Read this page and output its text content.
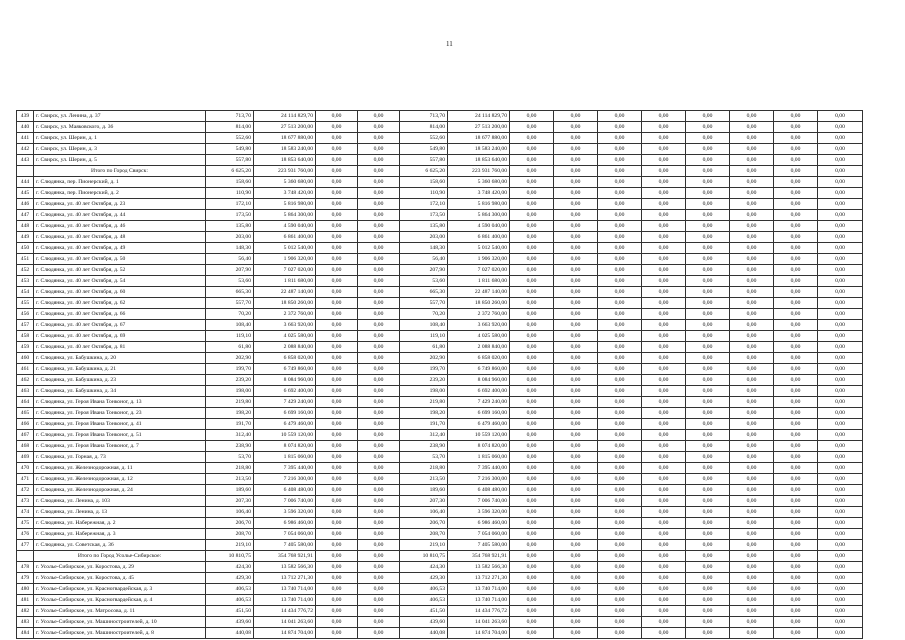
11
439	г. Свирск, ул. Ленина, д. 37	713,70	24 114 829,70	0,00	0,00	713,70	24 114 829,70	0,00	0,00	0,00	0,00	0,00	0,00	0,00	0,00
440	г. Свирск, ул. Маяковского, д. 36	814,00	27 513 200,00	0,00	0,00	814,00	27 513 200,00	0,00	0,00	0,00	0,00	0,00	0,00	0,00	0,00
441	г. Свирск, ул. Шерин, д. 1	552,60	18 677 880,00	0,00	0,00	552,60	18 677 880,00	0,00	0,00	0,00	0,00	0,00	0,00	0,00	0,00
442	г. Свирск, ул. Шерин, д. 3	549,80	18 583 240,00	0,00	0,00	549,80	18 583 240,00	0,00	0,00	0,00	0,00	0,00	0,00	0,00	0,00
443	г. Свирск, ул. Шерин, д. 5	557,80	18 853 640,00	0,00	0,00	557,80	18 853 640,00	0,00	0,00	0,00	0,00	0,00	0,00	0,00	0,00
	Итого по Город Свирск:	6 625,20	223 931 760,00	0,00	0,00	6 625,20	223 931 760,00	0,00	0,00	0,00	0,00	0,00	0,00	0,00	0,00
444	г. Слюдянка, пер. Пионерский, д. 1	158,60	5 360 680,00	0,00	0,00	158,60	5 360 680,00	0,00	0,00	0,00	0,00	0,00	0,00	0,00	0,00
445	г. Слюдянка, пер. Пионерский, д. 2	110,90	3 748 420,00	0,00	0,00	110,90	3 748 420,00	0,00	0,00	0,00	0,00	0,00	0,00	0,00	0,00
446	г. Слюдянка, ул. 40 лет Октября, д. 23	172,10	5 816 980,00	0,00	0,00	172,10	5 816 980,00	0,00	0,00	0,00	0,00	0,00	0,00	0,00	0,00
447	г. Слюдянка, ул. 40 лет Октября, д. 44	173,50	5 864 300,00	0,00	0,00	173,50	5 864 300,00	0,00	0,00	0,00	0,00	0,00	0,00	0,00	0,00
448	г. Слюдянка, ул. 40 лет Октября, д. 46	135,80	4 590 040,00	0,00	0,00	135,80	4 590 040,00	0,00	0,00	0,00	0,00	0,00	0,00	0,00	0,00
449	г. Слюдянка, ул. 40 лет Октября, д. 48	203,00	6 861 400,00	0,00	0,00	203,00	6 861 400,00	0,00	0,00	0,00	0,00	0,00	0,00	0,00	0,00
450	г. Слюдянка, ул. 40 лет Октября, д. 49	148,30	5 012 540,00	0,00	0,00	148,30	5 012 540,00	0,00	0,00	0,00	0,00	0,00	0,00	0,00	0,00
451	г. Слюдянка, ул. 40 лет Октября, д. 50	56,40	1 906 320,00	0,00	0,00	56,40	1 906 320,00	0,00	0,00	0,00	0,00	0,00	0,00	0,00	0,00
452	г. Слюдянка, ул. 40 лет Октября, д. 52	207,90	7 027 020,00	0,00	0,00	207,90	7 027 020,00	0,00	0,00	0,00	0,00	0,00	0,00	0,00	0,00
453	г. Слюдянка, ул. 40 лет Октября, д. 54	53,60	1 811 680,00	0,00	0,00	53,60	1 811 680,00	0,00	0,00	0,00	0,00	0,00	0,00	0,00	0,00
454	г. Слюдянка, ул. 40 лет Октября, д. 60	665,30	22 487 140,00	0,00	0,00	665,30	22 487 140,00	0,00	0,00	0,00	0,00	0,00	0,00	0,00	0,00
455	г. Слюдянка, ул. 40 лет Октября, д. 62	557,70	18 850 260,00	0,00	0,00	557,70	18 850 260,00	0,00	0,00	0,00	0,00	0,00	0,00	0,00	0,00
456	г. Слюдянка, ул. 40 лет Октября, д. 66	70,20	2 372 760,00	0,00	0,00	70,20	2 372 760,00	0,00	0,00	0,00	0,00	0,00	0,00	0,00	0,00
457	г. Слюдянка, ул. 40 лет Октября, д. 67	108,40	3 663 920,00	0,00	0,00	108,40	3 663 920,00	0,00	0,00	0,00	0,00	0,00	0,00	0,00	0,00
458	г. Слюдянка, ул. 40 лет Октября, д. 69	119,10	4 025 580,00	0,00	0,00	119,10	4 025 580,00	0,00	0,00	0,00	0,00	0,00	0,00	0,00	0,00
459	г. Слюдянка, ул. 40 лет Октября, д. 81	61,80	2 088 840,00	0,00	0,00	61,80	2 088 840,00	0,00	0,00	0,00	0,00	0,00	0,00	0,00	0,00
460	г. Слюдянка, ул. Бабушкина, д. 20	202,90	6 858 020,00	0,00	0,00	202,90	6 858 020,00	0,00	0,00	0,00	0,00	0,00	0,00	0,00	0,00
461	г. Слюдянка, ул. Бабушкина, д. 21	199,70	6 749 860,00	0,00	0,00	199,70	6 749 860,00	0,00	0,00	0,00	0,00	0,00	0,00	0,00	0,00
462	г. Слюдянка, ул. Бабушкина, д. 23	239,20	8 084 960,00	0,00	0,00	239,20	8 084 960,00	0,00	0,00	0,00	0,00	0,00	0,00	0,00	0,00
463	г. Слюдянка, ул. Бабушкина, д. 34	198,00	6 692 400,00	0,00	0,00	198,00	6 692 400,00	0,00	0,00	0,00	0,00	0,00	0,00	0,00	0,00
464	г. Слюдянка, ул. Героя Ивана Тонконог, д. 13	219,80	7 429 240,00	0,00	0,00	219,80	7 429 240,00	0,00	0,00	0,00	0,00	0,00	0,00	0,00	0,00
465	г. Слюдянка, ул. Героя Ивана Тонконог, д. 23	198,20	6 699 160,00	0,00	0,00	198,20	6 699 160,00	0,00	0,00	0,00	0,00	0,00	0,00	0,00	0,00
466	г. Слюдянка, ул. Героя Ивана Тонконог, д. 41	191,70	6 479 460,00	0,00	0,00	191,70	6 479 460,00	0,00	0,00	0,00	0,00	0,00	0,00	0,00	0,00
467	г. Слюдянка, ул. Героя Ивана Тонконог, д. 51	312,40	10 559 120,00	0,00	0,00	312,40	10 559 120,00	0,00	0,00	0,00	0,00	0,00	0,00	0,00	0,00
468	г. Слюдянка, ул. Героя Ивана Тонконог, д. 7	238,90	8 074 820,00	0,00	0,00	238,90	8 074 820,00	0,00	0,00	0,00	0,00	0,00	0,00	0,00	0,00
469	г. Слюдянка, ул. Горная, д. 73	53,70	1 815 060,00	0,00	0,00	53,70	1 815 060,00	0,00	0,00	0,00	0,00	0,00	0,00	0,00	0,00
470	г. Слюдянка, ул. Железнодорожная, д. 11	218,80	7 395 440,00	0,00	0,00	218,80	7 395 440,00	0,00	0,00	0,00	0,00	0,00	0,00	0,00	0,00
471	г. Слюдянка, ул. Железнодорожная, д. 12	213,50	7 216 300,00	0,00	0,00	213,50	7 216 300,00	0,00	0,00	0,00	0,00	0,00	0,00	0,00	0,00
472	г. Слюдянка, ул. Железнодорожная, д. 24	189,60	6 408 480,00	0,00	0,00	189,60	6 408 480,00	0,00	0,00	0,00	0,00	0,00	0,00	0,00	0,00
473	г. Слюдянка, ул. Ленина, д. 103	207,30	7 006 740,00	0,00	0,00	207,30	7 006 740,00	0,00	0,00	0,00	0,00	0,00	0,00	0,00	0,00
474	г. Слюдянка, ул. Ленина, д. 13	106,40	3 596 320,00	0,00	0,00	106,40	3 596 320,00	0,00	0,00	0,00	0,00	0,00	0,00	0,00	0,00
475	г. Слюдянка, ул. Набережная, д. 2	206,70	6 986 460,00	0,00	0,00	206,70	6 986 460,00	0,00	0,00	0,00	0,00	0,00	0,00	0,00	0,00
476	г. Слюдянка, ул. Набережная, д. 3	208,70	7 054 060,00	0,00	0,00	208,70	7 054 060,00	0,00	0,00	0,00	0,00	0,00	0,00	0,00	0,00
477	г. Слюдянка, ул. Советская, д. 36	219,10	7 405 580,00	0,00	0,00	219,10	7 405 580,00	0,00	0,00	0,00	0,00	0,00	0,00	0,00	0,00
	Итого по Город Усолье-Сибирское:	10 810,75	354 768 921,91	0,00	0,00	10 810,75	354 768 921,91	0,00	0,00	0,00	0,00	0,00	0,00	0,00	0,00
478	г. Усолье-Сибирское, ул. Коростова, д. 29	424,30	13 582 566,30	0,00	0,00	424,30	13 582 566,30	0,00	0,00	0,00	0,00	0,00	0,00	0,00	0,00
479	г. Усолье-Сибирское, ул. Коростова, д. 45	429,30	13 712 271,30	0,00	0,00	429,30	13 712 271,30	0,00	0,00	0,00	0,00	0,00	0,00	0,00	0,00
480	г. Усолье-Сибирское, ул. Красногвардейская, д. 3	406,53	13 740 714,00	0,00	0,00	406,53	13 740 714,00	0,00	0,00	0,00	0,00	0,00	0,00	0,00	0,00
481	г. Усолье-Сибирское, ул. Красногвардейская, д. 4	406,53	13 740 714,00	0,00	0,00	406,53	13 740 714,00	0,00	0,00	0,00	0,00	0,00	0,00	0,00	0,00
482	г. Усолье-Сибирское, ул. Матросова, д. 11	451,50	14 434 776,72	0,00	0,00	451,50	14 434 776,72	0,00	0,00	0,00	0,00	0,00	0,00	0,00	0,00
483	г. Усолье-Сибирское, ул. Машиностроителей, д. 10	439,60	14 041 263,60	0,00	0,00	439,60	14 041 263,60	0,00	0,00	0,00	0,00	0,00	0,00	0,00	0,00
484	г. Усолье-Сибирское, ул. Машиностроителей, д. 8	440,08	14 874 704,00	0,00	0,00	440,08	14 874 704,00	0,00	0,00	0,00	0,00	0,00	0,00	0,00	0,00
